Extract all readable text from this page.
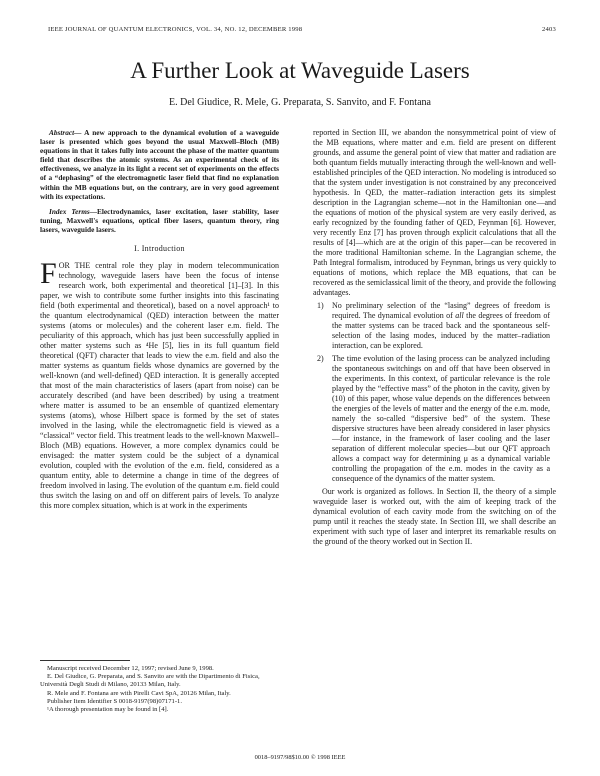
IEEE JOURNAL OF QUANTUM ELECTRONICS, VOL. 34, NO. 12, DECEMBER 1998	2403
A Further Look at Waveguide Lasers
E. Del Giudice, R. Mele, G. Preparata, S. Sanvito, and F. Fontana

Abstract— A new approach to the dynamical evolution of a waveguide laser is presented which goes beyond the usual Maxwell–Bloch (MB) equations in that it takes fully into account the phase of the matter quantum field that describes the atomic systems. As an experimental check of its effectiveness, we analyze in its light a recent set of experiments on the effects of a “dephasing” of the electromagnetic laser field that find no explanation within the MB equations but, on the contrary, are in very good agreement with its expectations.

Index Terms—Electrodynamics, laser excitation, laser stability, laser tuning, Maxwell's equations, optical fiber lasers, quantum theory, ring lasers, waveguide lasers.

I. Introduction

FOR THE central role they play in modern telecommunication technology, waveguide lasers have been the focus of intense research work, both experimental and theoretical [1]–[3]. In this paper, we wish to contribute some further insights into this fascinating field (both experimental and theoretical), based on a novel approach¹ to the quantum electrodynamical (QED) interaction between the matter systems (atoms or molecules) and the coherent laser e.m. field. The peculiarity of this approach, which has just been successfully applied in other matter systems such as ⁴He [5], lies in its full quantum field theoretical (QFT) character that leads to view the e.m. field and also the matter systems as quantum fields whose dynamics are governed by the well-known (and well-defined) QED interaction. It is generally accepted that most of the main characteristics of lasers (apart from noise) can be accurately described (and have been described) by using a treatment where matter is assumed to be an ensemble of quantized elementary systems (atoms), whose Hilbert space is formed by the set of states involved in the lasing, while the electromagnetic field is viewed as a “classical” vector field. This treatment leads to the well-known Maxwell–Bloch (MB) equations. However, a more complex dynamics could be envisaged: the matter system could be the subject of a dynamical evolution, coupled with the evolution of the e.m. field, considered as a quantum entity, able to determine a change in time of the degrees of freedom involved in lasing. The evolution of the quantum e.m. field could thus switch the lasing on and off on different pairs of levels. To analyze this more complex situation, which is at work in the experiments

reported in Section III, we abandon the nonsymmetrical point of view of the MB equations, where matter and e.m. field are present on different grounds, and assume the general point of view that matter and radiation are both quantum fields mutually interacting through the well-known and well-established principles of the QED interaction. No modeling is introduced so that the system under investigation is not constrained by any preconceived hypothesis. In QED, the matter–radiation interaction gets its simplest description in the Lagrangian scheme—not in the Hamiltonian one—and the equations of motion of the physical system are very easily derived, as early recognized by the founding father of QED, Feynman [6]. However, very recently Enz [7] has proven through explicit calculations that all the results of [4]—which are at the origin of this paper—can be recovered in the more traditional Hamiltonian scheme. In the Lagrangian scheme, the Path Integral formalism, introduced by Feynman, brings us very quickly to equations of motions, which replace the MB equations, that can be recovered as the semiclassical limit of the theory, and provide the following advantages.

1) No preliminary selection of the “lasing” degrees of freedom is required. The dynamical evolution of all the degrees of freedom of the matter systems can be traced back and the spontaneous self-selection of the lasing modes, induced by the matter–radiation interaction, can be explored.
2) The time evolution of the lasing process can be analyzed including the spontaneous switchings on and off that have been observed in the experiments. In this context, of particular relevance is the role played by the “effective mass” of the photon in the cavity, given by (10) of this paper, whose value depends on the differences between the energies of the levels of matter and the energy of the e.m. mode, namely the so-called “dispersive bed” of the system. These dispersive structures have been already considered in laser physics—for instance, in the framework of laser cooling and the laser separation of different molecular species—but our QFT approach allows a compact way for determining μ as a dynamical variable controlling the propagation of the e.m. modes in the cavity as a consequence of the dynamics of the matter system.

Our work is organized as follows. In Section II, the theory of a simple waveguide laser is worked out, with the aim of keeping track of the dynamical evolution of each cavity mode from the switching on of the pump until it reaches the steady state. In Section III, we shall describe an experiment with such type of laser and interpret its remarkable results on the ground of the theory worked out in Section II.

Manuscript received December 12, 1997; revised June 9, 1998.

E. Del Giudice, G. Preparata, and S. Sanvito are with the Dipartimento di Fisica, Università Degli Studi di Milano, 20133 Milan, Italy.

R. Mele and F. Fontana are with Pirelli Cavi SpA, 20126 Milan, Italy.

Publisher Item Identifier S 0018-9197(98)07171-1.

¹A thorough presentation may be found in [4].

0018–9197/98$10.00 © 1998 IEEE
